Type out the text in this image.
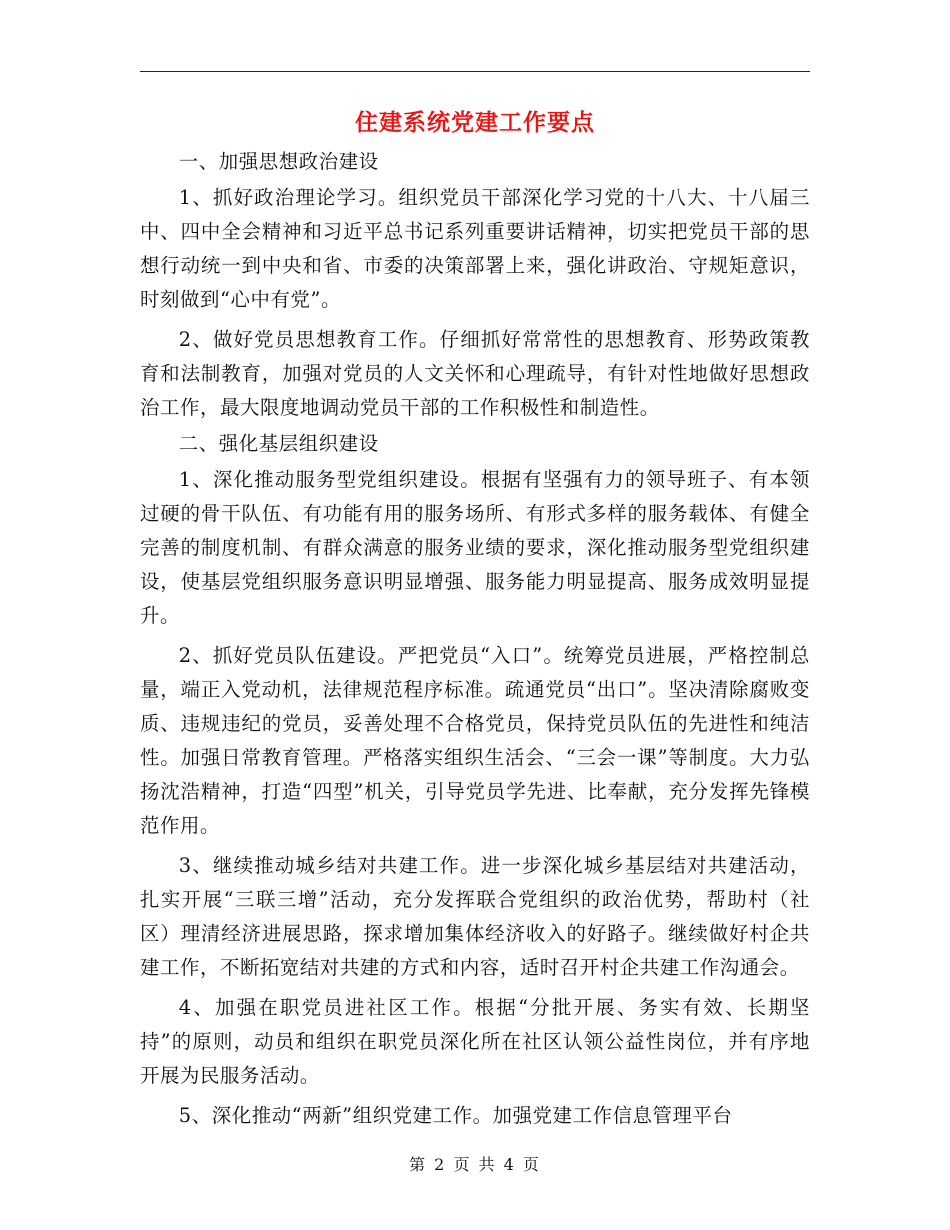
住建系统党建工作要点

一、加强思想政治建设

1、抓好政治理论学习。组织党员干部深化学习党的十八大、十八届三中、四中全会精神和习近平总书记系列重要讲话精神，切实把党员干部的思想行动统一到中央和省、市委的决策部署上来，强化讲政治、守规矩意识，时刻做到“心中有党”。

2、做好党员思想教育工作。仔细抓好常常性的思想教育、形势政策教育和法制教育，加强对党员的人文关怀和心理疏导，有针对性地做好思想政治工作，最大限度地调动党员干部的工作积极性和制造性。

二、强化基层组织建设

1、深化推动服务型党组织建设。根据有坚强有力的领导班子、有本领过硬的骨干队伍、有功能有用的服务场所、有形式多样的服务载体、有健全完善的制度机制、有群众满意的服务业绩的要求，深化推动服务型党组织建设，使基层党组织服务意识明显增强、服务能力明显提高、服务成效明显提升。

2、抓好党员队伍建设。严把党员“入口”。统筹党员进展，严格控制总量，端正入党动机，法律规范程序标准。疏通党员“出口”。坚决清除腐败变质、违规违纪的党员，妥善处理不合格党员，保持党员队伍的先进性和纯洁性。加强日常教育管理。严格落实组织生活会、“三会一课”等制度。大力弘扬沈浩精神，打造“四型”机关，引导党员学先进、比奉献，充分发挥先锋模范作用。

3、继续推动城乡结对共建工作。进一步深化城乡基层结对共建活动，扎实开展“三联三增”活动，充分发挥联合党组织的政治优势，帮助村（社区）理清经济进展思路，探求增加集体经济收入的好路子。继续做好村企共建工作，不断拓宽结对共建的方式和内容，适时召开村企共建工作沟通会。

4、加强在职党员进社区工作。根据“分批开展、务实有效、长期坚持”的原则，动员和组织在职党员深化所在社区认领公益性岗位，并有序地开展为民服务活动。

5、深化推动“两新”组织党建工作。加强党建工作信息管理平台

第 2 页 共 4 页
